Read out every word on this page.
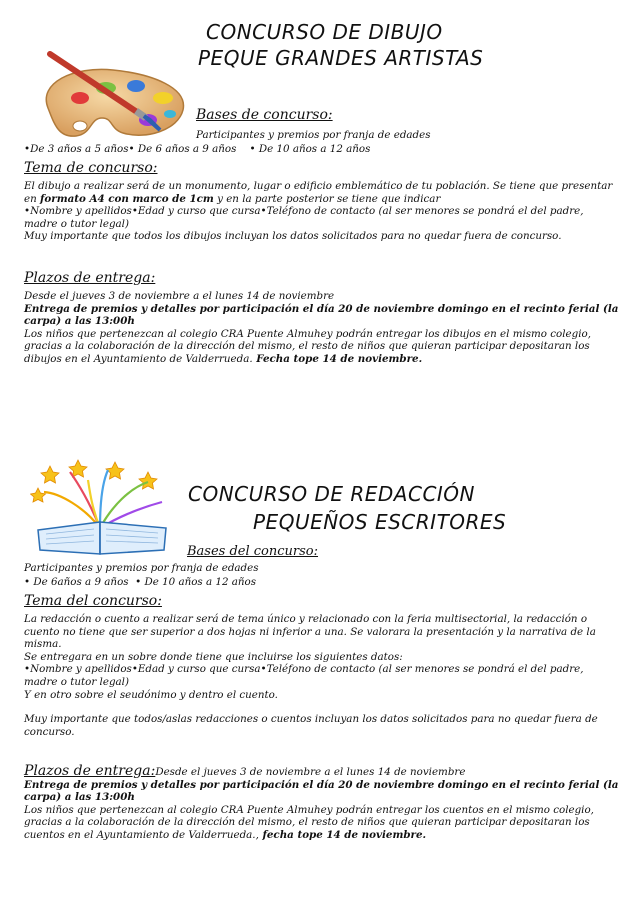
CONCURSO DE DIBUJO
PEQUE GRANDES ARTISTAS
Bases de concurso:
Participantes y premios por franja de edades
•De 3 años a 5 años• De 6 años a 9 años    • De 10 años a 12 años
Tema de concurso:
El dibujo a realizar será de un monumento, lugar o edificio emblemático de tu población. Se tiene que presentar en formato A4 con marco de 1cm y en la parte posterior se tiene que indicar
•Nombre y apellidos•Edad y curso que cursa•Teléfono de contacto (al ser menores se pondrá el del padre, madre o tutor legal)
Muy importante que todos los dibujos incluyan los datos solicitados para no quedar fuera de concurso.
Plazos de entrega:
Desde el jueves 3 de noviembre a el lunes 14 de noviembre
Entrega de premios y detalles por participación el día 20 de noviembre domingo en el recinto ferial (la carpa) a las 13:00h
Los niños que pertenezcan al colegio CRA Puente Almuhey podrán entregar los dibujos en el mismo colegio, gracias a la colaboración de la dirección del mismo, el resto de niños que quieran participar depositaran los dibujos en el Ayuntamiento de Valderrueda. Fecha tope 14 de noviembre.
CONCURSO DE REDACCIÓN
PEQUEÑOS ESCRITORES
Bases del concurso:
Participantes y premios por franja de edades
• De 6años a 9 años  • De 10 años a 12 años
Tema del concurso:
La redacción o cuento a realizar será de tema único y relacionado con la feria multisectorial, la redacción o cuento no tiene que ser superior a dos hojas ni inferior a una. Se valorara la presentación y la narrativa de la misma.
Se entregara en un sobre donde tiene que incluirse los siguientes datos:
•Nombre y apellidos•Edad y curso que cursa•Teléfono de contacto (al ser menores se pondrá el del padre, madre o tutor legal)
Y en otro sobre el seudónimo y dentro el cuento.
Muy importante que todos/aslas redacciones o cuentos incluyan los datos solicitados para no quedar fuera de concurso.
Plazos de entrega:Desde el jueves 3 de noviembre a el lunes 14 de noviembre
Entrega de premios y detalles por participación el día 20 de noviembre domingo en el recinto ferial (la carpa) a las 13:00h
Los niños que pertenezcan al colegio CRA Puente Almuhey podrán entregar los cuentos en el mismo colegio, gracias a la colaboración de la dirección del mismo, el resto de niños que quieran participar depositaran los cuentos en el Ayuntamiento de Valderrueda., fecha tope 14 de noviembre.
